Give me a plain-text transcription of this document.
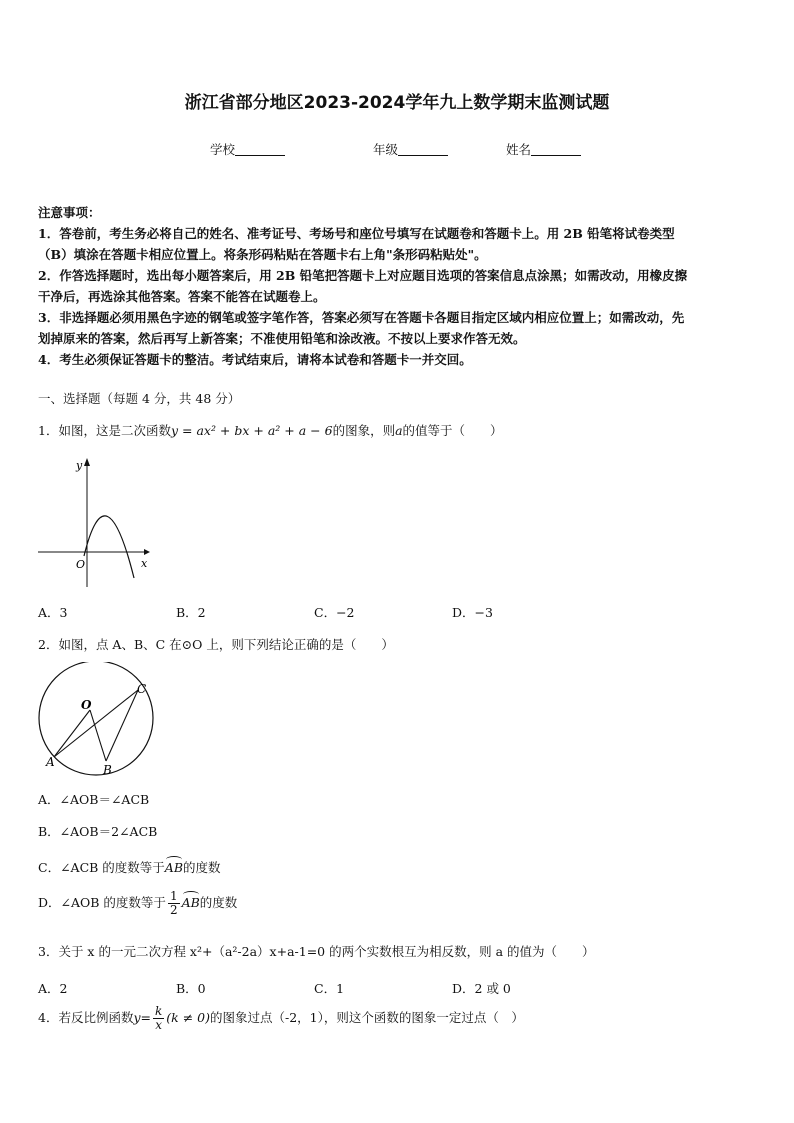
浙江省部分地区2023-2024学年九上数学期末监测试题
学校	年级	姓名
注意事项：
1．答卷前，考生务必将自己的姓名、准考证号、考场号和座位号填写在试题卷和答题卡上。用 2B 铅笔将试卷类型
（B）填涂在答题卡相应位置上。将条形码粘贴在答题卡右上角"条形码粘贴处"。
2．作答选择题时，选出每小题答案后，用 2B 铅笔把答题卡上对应题目选项的答案信息点涂黑；如需改动，用橡皮擦
干净后，再选涂其他答案。答案不能答在试题卷上。
3．非选择题必须用黑色字迹的钢笔或签字笔作答，答案必须写在答题卡各题目指定区域内相应位置上；如需改动，先
划掉原来的答案，然后再写上新答案；不准使用铅笔和涂改液。不按以上要求作答无效。
4．考生必须保证答题卡的整洁。考试结束后，请将本试卷和答题卡一并交回。
一、选择题（每题 4 分，共 48 分）
1．如图，这是二次函数y = ax² + bx + a² + a − 6的图象，则a的值等于（　　）
y
x
O
A．3	B．2	C．−2	D．−3
2．如图，点 A、B、C 在⊙O 上，则下列结论正确的是（　　）
O
A
B
C
A．∠AOB＝∠ACB
B．∠AOB＝2∠ACB
C．∠ACB 的度数等于AB的度数
D．∠AOB 的度数等于 $\frac{1}{2}$ AB的度数
3．关于 x 的一元二次方程 x²+（a²-2a）x+a-1=0 的两个实数根互为相反数，则 a 的值为（　　）
A．2	B．0	C．1	D．2 或 0
4．若反比例函数$y= \frac{k}{x} (k \ne 0)$的图象过点（-2，1），则这个函数的图象一定过点（　）
